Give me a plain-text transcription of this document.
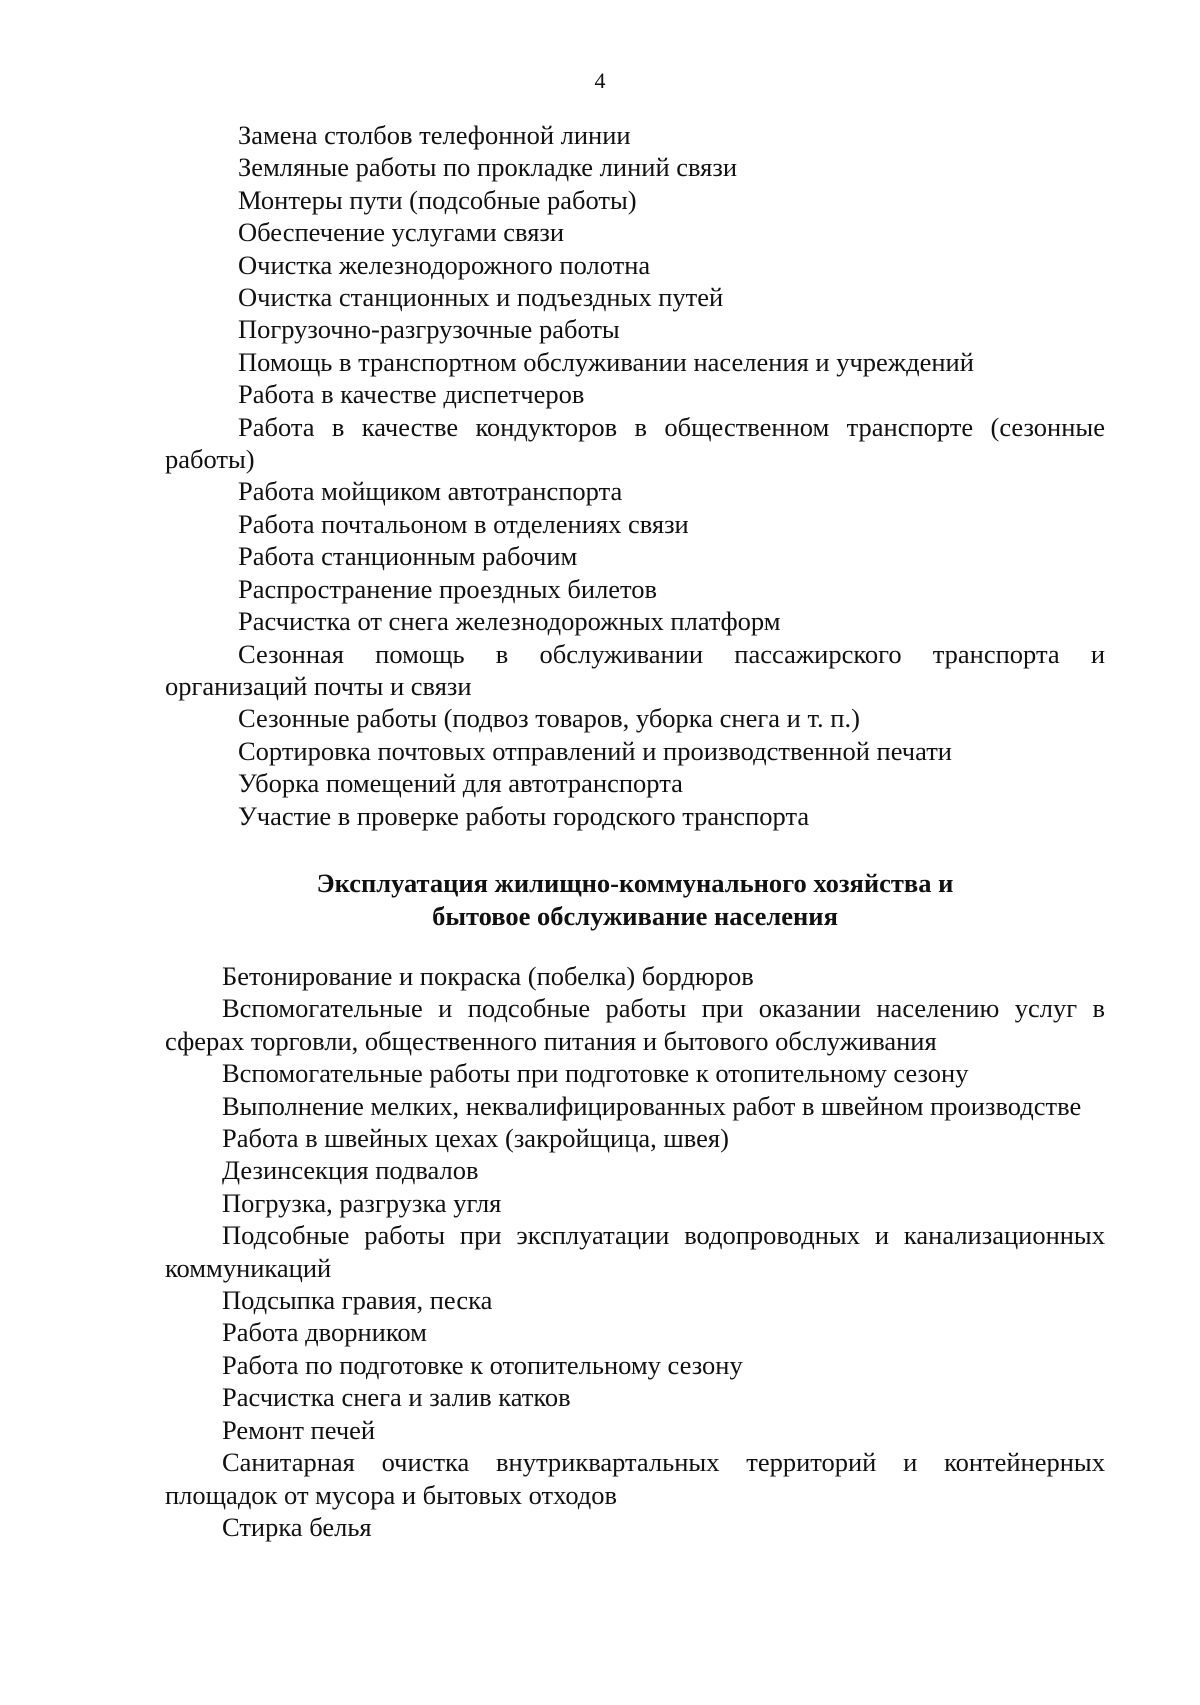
4

Замена столбов телефонной линии

Земляные работы по прокладке линий связи

Монтеры пути (подсобные работы)

Обеспечение услугами связи

Очистка железнодорожного полотна

Очистка станционных и подъездных путей

Погрузочно-разгрузочные работы

Помощь в транспортном обслуживании населения и учреждений

Работа в качестве диспетчеров

Работа в качестве кондукторов в общественном транспорте (сезонные работы)

Работа мойщиком автотранспорта

Работа почтальоном в отделениях связи

Работа станционным рабочим

Распространение проездных билетов

Расчистка от снега железнодорожных платформ

Сезонная помощь в обслуживании пассажирского транспорта и организаций почты и связи

Сезонные работы (подвоз товаров, уборка снега и т. п.)

Сортировка почтовых отправлений и производственной печати

Уборка помещений для автотранспорта

Участие в проверке работы городского транспорта

Эксплуатация жилищно-коммунального хозяйства и
бытовое обслуживание населения

Бетонирование и покраска (побелка) бордюров

Вспомогательные и подсобные работы при оказании населению услуг в сферах торговли, общественного питания и бытового обслуживания

Вспомогательные работы при подготовке к отопительному сезону

Выполнение мелких, неквалифицированных работ в швейном производстве

Работа в швейных цехах (закройщица, швея)

Дезинсекция подвалов

Погрузка, разгрузка угля

Подсобные работы при эксплуатации водопроводных и канализационных коммуникаций

Подсыпка гравия, песка

Работа дворником

Работа по подготовке к отопительному сезону

Расчистка снега и залив катков

Ремонт печей

Санитарная очистка внутриквартальных территорий и контейнерных площадок от мусора и бытовых отходов

Стирка белья
